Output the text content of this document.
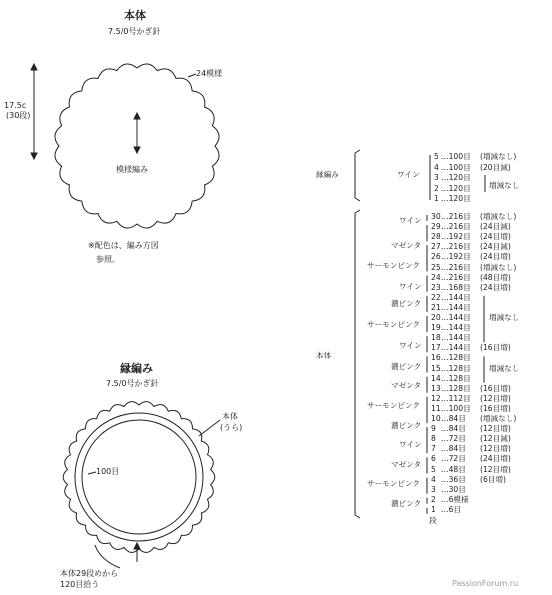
本体
7.5/0号かぎ針
24模様
17.5c
(30段)
模様編み
※配色は、編み方図
参照。
縁編み
7.5/0号かぎ針
本体
(うら)
100目
本体29段めから
120目拾う
5 …100目 (増減なし)
4 …100目 (20目減)
3 …120目
2 …120目
1 …120目
縁編み	ワイン
増減なし
30 …216目 (増減なし)
29 …216目 (24目減)
28 …192目 (24目増)
27 …216目 (24目減)
26 …192目 (24目増)
25 …216目 (増減なし)
24 …216目 (48目増)
23 …168目 (24目増)
22 …144目
21 …144目
20 …144目
19 …144目
18 …144目
17 …144目 (16目増)
16 …128目
15 …128目
14 …128目
13 …128目 (16目増)
12 …112目 (12目増)
11 …100目 (16目増)
10 …84目 (増減なし)
9 …84目 (12目増)
8 …72目 (12目減)
7 …84目 (12目増)
6 …72目 (24目増)
5 …48目 (12目増)
4 …36目 (6目増)
3 …30目
2 …6模様
1 …6目
段
本体
ワイン
マゼンタ
サーモンピンク
ワイン
濃ピンク
サーモンピンク
ワイン
濃ピンク
マゼンタ
サーモンピンク
濃ピンク
ワイン
マゼンタ
サーモンピンク
濃ピンク
増減なし
増減なし
PassionForum.ru
